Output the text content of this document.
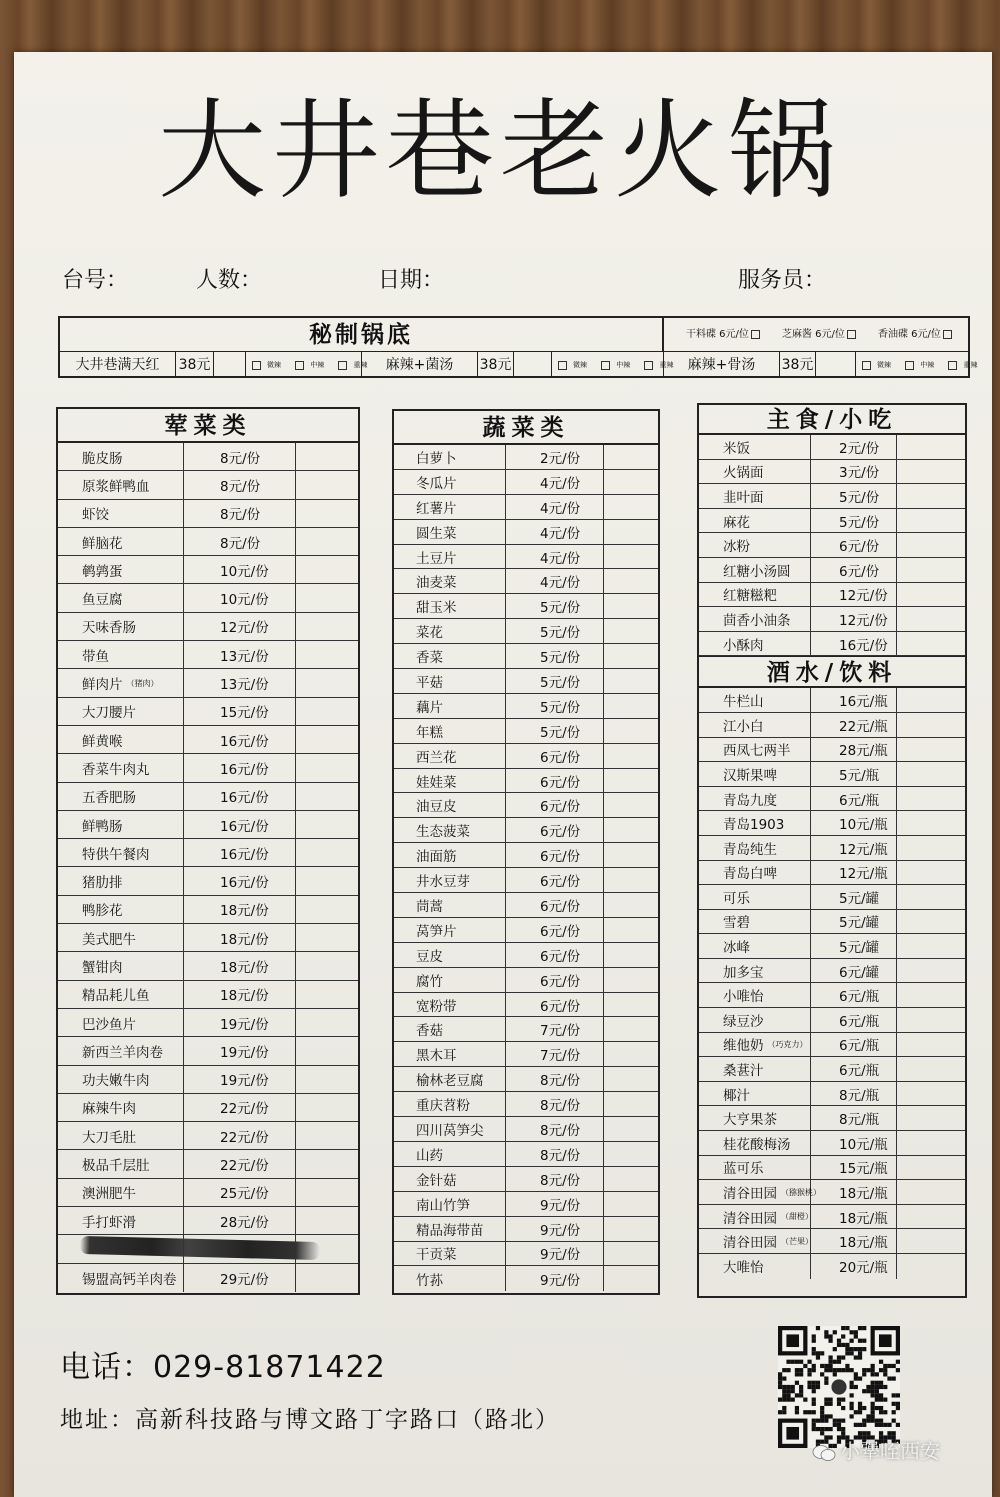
大井巷老火锅
台号：	人数：	日期：	服务员：
秘制锅底	干料碟 6元/位	芝麻酱 6元/位	香油碟 6元/位
大井巷满天红	38元	微辣	中辣	重辣	麻辣+菌汤	38元	微辣	中辣	重辣	麻辣+骨汤	38元	微辣	中辣	重辣
荤菜类
脆皮肠	8元/份
原浆鲜鸭血	8元/份
虾饺	8元/份
鲜脑花	8元/份
鹌鹑蛋	10元/份
鱼豆腐	10元/份
天味香肠	12元/份
带鱼	13元/份
鲜肉片 （猪肉）	13元/份
大刀腰片	15元/份
鲜黄喉	16元/份
香菜牛肉丸	16元/份
五香肥肠	16元/份
鲜鸭肠	16元/份
特供午餐肉	16元/份
猪肋排	16元/份
鸭胗花	18元/份
美式肥牛	18元/份
蟹钳肉	18元/份
精品耗儿鱼	18元/份
巴沙鱼片	19元/份
新西兰羊肉卷	19元/份
功夫嫩牛肉	19元/份
麻辣牛肉	22元/份
大刀毛肚	22元/份
极品千层肚	22元/份
澳洲肥牛	25元/份
手打虾滑	28元/份
锡盟高钙羊肉卷	29元/份
蔬菜类
白萝卜	2元/份
冬瓜片	4元/份
红薯片	4元/份
圆生菜	4元/份
土豆片	4元/份
油麦菜	4元/份
甜玉米	5元/份
菜花	5元/份
香菜	5元/份
平菇	5元/份
藕片	5元/份
年糕	5元/份
西兰花	6元/份
娃娃菜	6元/份
油豆皮	6元/份
生态菠菜	6元/份
油面筋	6元/份
井水豆芽	6元/份
茼蒿	6元/份
莴笋片	6元/份
豆皮	6元/份
腐竹	6元/份
宽粉带	6元/份
香菇	7元/份
黑木耳	7元/份
榆林老豆腐	8元/份
重庆苕粉	8元/份
四川莴笋尖	8元/份
山药	8元/份
金针菇	8元/份
南山竹笋	9元/份
精品海带苗	9元/份
干贡菜	9元/份
竹荪	9元/份
主食/小吃
米饭	2元/份
火锅面	3元/份
韭叶面	5元/份
麻花	5元/份
冰粉	6元/份
红糖小汤圆	6元/份
红糖糍粑	12元/份
茴香小油条	12元/份
小酥肉	16元/份
酒水/饮料
牛栏山	16元/瓶
江小白	22元/瓶
西凤七两半	28元/瓶
汉斯果啤	5元/瓶
青岛九度	6元/瓶
青岛1903	10元/瓶
青岛纯生	12元/瓶
青岛白啤	12元/瓶
可乐	5元/罐
雪碧	5元/罐
冰峰	5元/罐
加多宝	6元/罐
小唯怡	6元/瓶
绿豆沙	6元/瓶
维他奶 （巧克力）	6元/瓶
桑葚汁	6元/瓶
椰汁	8元/瓶
大亨果茶	8元/瓶
桂花酸梅汤	10元/瓶
蓝可乐	15元/瓶
清谷田园 （猕猴桃）	18元/瓶
清谷田园 （甜橙）	18元/瓶
清谷田园 （芒果）	18元/瓶
大唯怡	20元/瓶
电话：029-81871422
地址：高新科技路与博文路丁字路口（路北）
小犟咥西安
